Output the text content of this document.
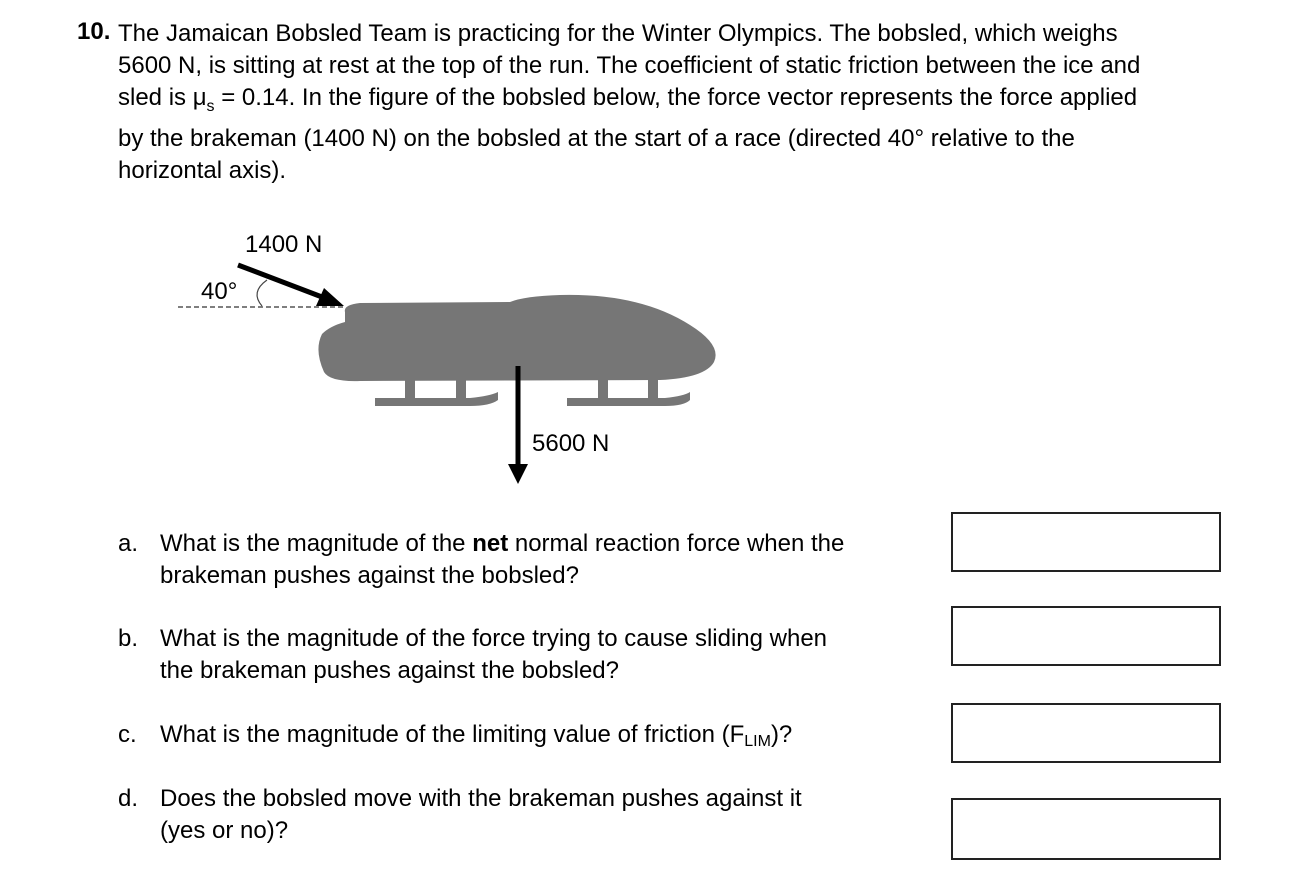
10. The Jamaican Bobsled Team is practicing for the Winter Olympics. The bobsled, which weighs
5600 N, is sitting at rest at the top of the run. The coefficient of static friction between the ice and
sled is $\mu_s = 0.14$. In the figure of the bobsled below, the force vector represents the force applied
by the brakeman (1400 N) on the bobsled at the start of a race (directed 40° relative to the
horizontal axis).
1400 N
40°
5600 N
a. What is the magnitude of the net normal reaction force when the
brakeman pushes against the bobsled?
b. What is the magnitude of the force trying to cause sliding when
the brakeman pushes against the bobsled?
c. What is the magnitude of the limiting value of friction $(F_{LIM})$?
d. Does the bobsled move with the brakeman pushes against it
(yes or no)?
